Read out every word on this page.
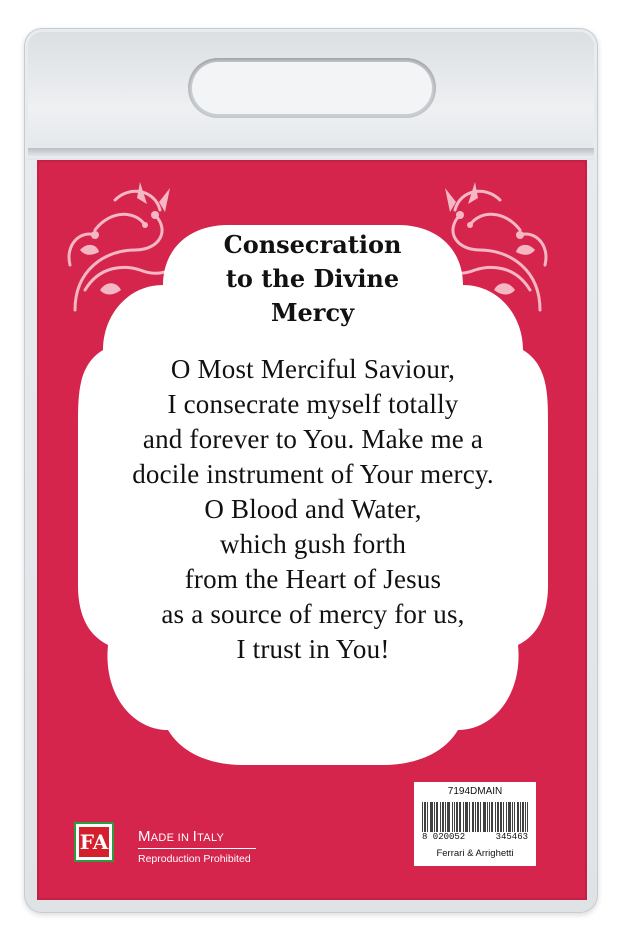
Consecration
to the Divine
Mercy
O Most Merciful Saviour,
I consecrate myself totally
and forever to You. Make me a
docile instrument of Your mercy.
O Blood and Water,
which gush forth
from the Heart of Jesus
as a source of mercy for us,
I trust in You!
FA MADE IN ITALY
Reproduction Prohibited
7194DMAIN
8 020052	345463
Ferrari & Arrighetti
